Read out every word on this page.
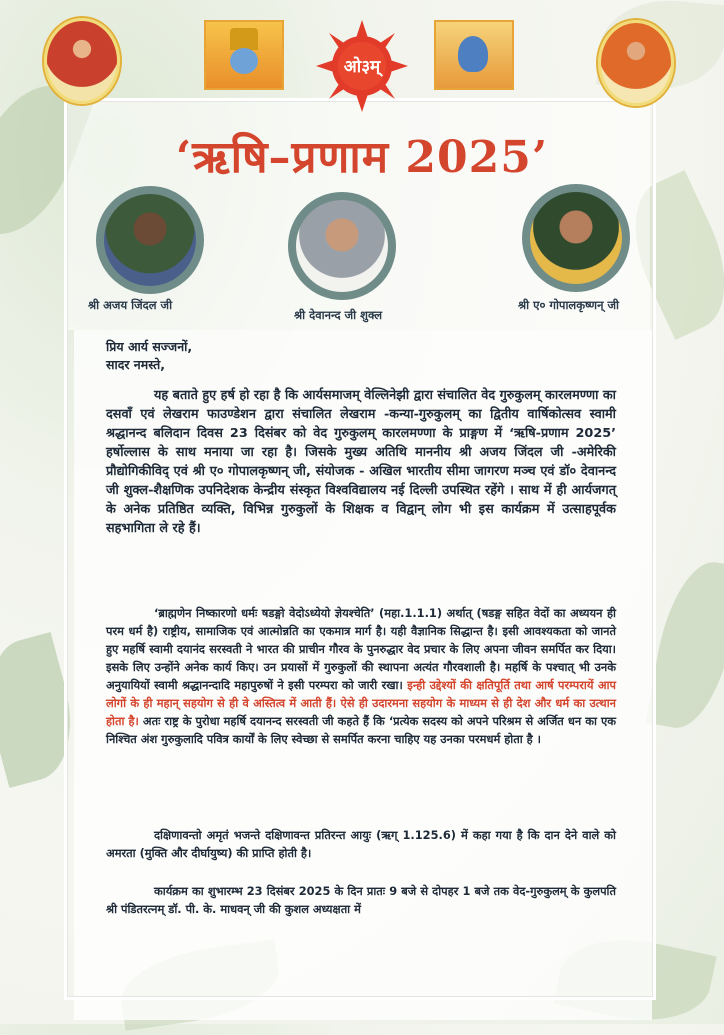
ओ३म्
‘ऋषि–प्रणाम 2025’
श्री अजय जिंदल जी
श्री देवानन्द जी शुक्ल
श्री ए० गोपालकृष्णन् जी
प्रिय आर्य सज्जनों,
सादर नमस्ते,
यह बताते हुए हर्ष हो रहा है कि आर्यसमाजम् वेल्लिनेझी द्वारा संचालित वेद गुरुकुलम् कारलमण्णा का दसवाँ एवं लेखराम फाउण्डेशन द्वारा संचालित लेखराम -कन्या-गुरुकुलम् का द्वितीय वार्षिकोत्सव स्वामी श्रद्धानन्द बलिदान दिवस 23 दिसंबर को वेद गुरुकुलम् कारलमण्णा के प्राङ्गण में ‘ऋषि-प्रणाम 2025’ हर्षोल्लास के साथ मनाया जा रहा है। जिसके मुख्य अतिथि माननीय श्री अजय जिंदल जी -अमेरिकी प्रौद्योगिकीविद् एवं श्री ए० गोपालकृष्णन् जी, संयोजक - अखिल भारतीय सीमा जागरण मञ्च एवं डॉ० देवानन्द जी शुक्ल-शैक्षणिक उपनिदेशक केन्द्रीय संस्कृत विश्वविद्यालय नई दिल्ली उपस्थित रहेंगे । साथ में ही आर्यजगत् के अनेक प्रतिष्ठित व्यक्ति, विभिन्न गुरुकुलों के शिक्षक व विद्वान् लोग भी इस कार्यक्रम में उत्साहपूर्वक सहभागिता ले रहे हैं।
‘ब्राह्मणेन निष्कारणो धर्मः षडङ्गो वेदोऽध्येयो ज्ञेयश्चेति’ (महा.1.1.1) अर्थात् (षडङ्ग सहित वेदों का अध्ययन ही परम धर्म है) राष्ट्रीय, सामाजिक एवं आत्मोन्नति का एकमात्र मार्ग है। यही वैज्ञानिक सिद्धान्त है। इसी आवश्यकता को जानते हुए महर्षि स्वामी दयानंद सरस्वती ने भारत की प्राचीन गौरव के पुनरुद्धार वेद प्रचार के लिए अपना जीवन समर्पित कर दिया। इसके लिए उन्होंने अनेक कार्य किए। उन प्रयासों में गुरुकुलों की स्थापना अत्यंत गौरवशाली है। महर्षि के पश्चात् भी उनके अनुयायियों स्वामी श्रद्धानन्दादि महापुरुषों ने इसी परम्परा को जारी रखा। इन्ही उद्देश्यों की क्षतिपूर्ति तथा आर्ष परम्परायें आप लोगों के ही महान् सहयोग से ही वे अस्तित्व में आती हैं। ऐसे ही उदारमना सहयोग के माध्यम से ही देश और धर्म का उत्थान होता है। अतः राष्ट्र के पुरोधा महर्षि दयानन्द सरस्वती जी कहते हैं कि ‘प्रत्येक सदस्य को अपने परिश्रम से अर्जित धन का एक निश्चित अंश गुरुकुलादि पवित्र कार्यों के लिए स्वेच्छा से समर्पित करना चाहिए यह उनका परमधर्म होता है ।
दक्षिणावन्तो अमृतं भजन्ते दक्षिणावन्त प्रतिरन्त आयुः (ऋग् 1.125.6) में कहा गया है कि दान देने वाले को अमरता (मुक्ति और दीर्घायुष्य) की प्राप्ति होती है।
कार्यक्रम का शुभारम्भ 23 दिसंबर 2025 के दिन प्रातः 9 बजे से दोपहर 1 बजे तक वेद-गुरुकुलम् के कुलपति श्री पंडितरत्नम् डॉ. पी. के. माधवन् जी की कुशल अध्यक्षता में
